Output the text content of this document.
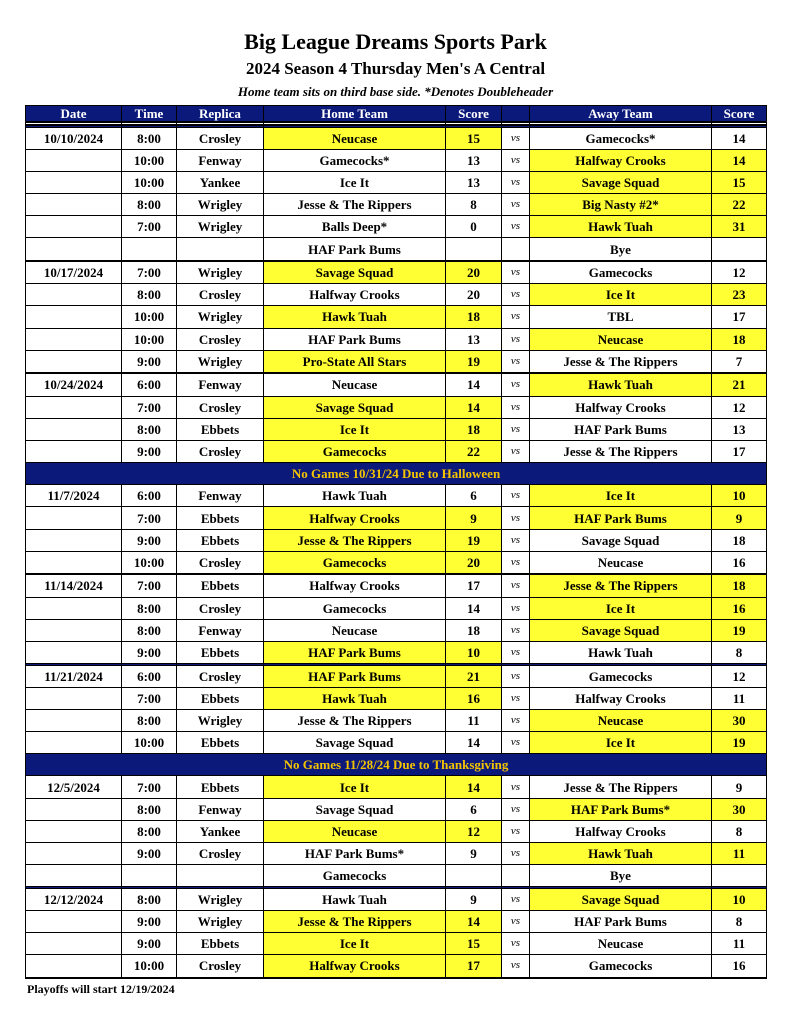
Big League Dreams Sports Park
2024 Season 4 Thursday Men's A Central
Home team sits on third base side. *Denotes Doubleheader
Date	Time	Replica	Home Team	Score		Away Team	Score

10/10/2024	8:00	Crosley	Neucase	15	vs	Gamecocks*	14
	10:00	Fenway	Gamecocks*	13	vs	Halfway Crooks	14
	10:00	Yankee	Ice It	13	vs	Savage Squad	15
	8:00	Wrigley	Jesse & The Rippers	8	vs	Big Nasty #2*	22
	7:00	Wrigley	Balls Deep*	0	vs	Hawk Tuah	31
			HAF Park Bums			Bye	

10/17/2024	7:00	Wrigley	Savage Squad	20	vs	Gamecocks	12
	8:00	Crosley	Halfway Crooks	20	vs	Ice It	23
	10:00	Wrigley	Hawk Tuah	18	vs	TBL	17
	10:00	Crosley	HAF Park Bums	13	vs	Neucase	18
	9:00	Wrigley	Pro-State All Stars	19	vs	Jesse & The Rippers	7

10/24/2024	6:00	Fenway	Neucase	14	vs	Hawk Tuah	21
	7:00	Crosley	Savage Squad	14	vs	Halfway Crooks	12
	8:00	Ebbets	Ice It	18	vs	HAF Park Bums	13
	9:00	Crosley	Gamecocks	22	vs	Jesse & The Rippers	17
No Games 10/31/24 Due to Halloween							
11/7/2024	6:00	Fenway	Hawk Tuah	6	vs	Ice It	10
	7:00	Ebbets	Halfway Crooks	9	vs	HAF Park Bums	9
	9:00	Ebbets	Jesse & The Rippers	19	vs	Savage Squad	18
	10:00	Crosley	Gamecocks	20	vs	Neucase	16

11/14/2024	7:00	Ebbets	Halfway Crooks	17	vs	Jesse & The Rippers	18
	8:00	Crosley	Gamecocks	14	vs	Ice It	16
	8:00	Fenway	Neucase	18	vs	Savage Squad	19
	9:00	Ebbets	HAF Park Bums	10	vs	Hawk Tuah	8

11/21/2024	6:00	Crosley	HAF Park Bums	21	vs	Gamecocks	12
	7:00	Ebbets	Hawk Tuah	16	vs	Halfway Crooks	11
	8:00	Wrigley	Jesse & The Rippers	11	vs	Neucase	30
	10:00	Ebbets	Savage Squad	14	vs	Ice It	19
No Games 11/28/24 Due to Thanksgiving							
12/5/2024	7:00	Ebbets	Ice It	14	vs	Jesse & The Rippers	9
	8:00	Fenway	Savage Squad	6	vs	HAF Park Bums*	30
	8:00	Yankee	Neucase	12	vs	Halfway Crooks	8
	9:00	Crosley	HAF Park Bums*	9	vs	Hawk Tuah	11
			Gamecocks			Bye	

12/12/2024	8:00	Wrigley	Hawk Tuah	9	vs	Savage Squad	10
	9:00	Wrigley	Jesse & The Rippers	14	vs	HAF Park Bums	8
	9:00	Ebbets	Ice It	15	vs	Neucase	11
	10:00	Crosley	Halfway Crooks	17	vs	Gamecocks	16

Playoffs will start 12/19/2024
